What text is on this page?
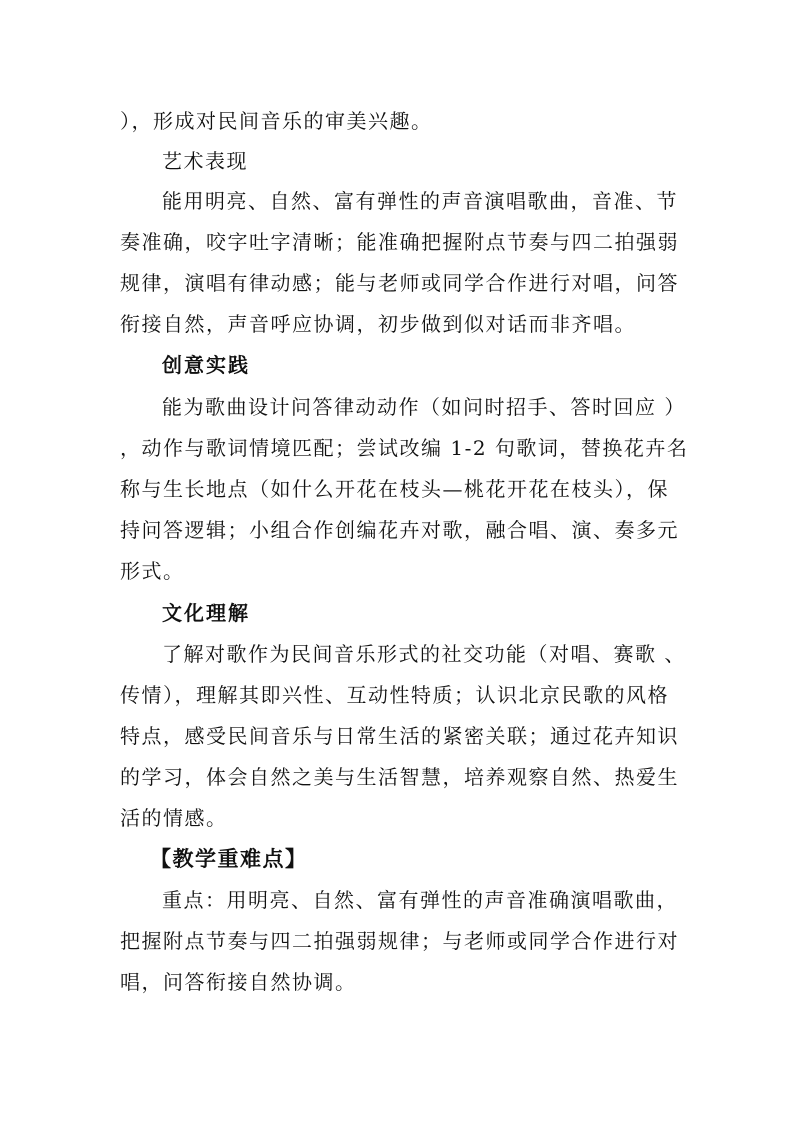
），形成对民间音乐的审美兴趣。
艺术表现
能用明亮、自然、富有弹性的声音演唱歌曲，音准、节
奏准确，咬字吐字清晰；能准确把握附点节奏与四二拍强弱
规律，演唱有律动感；能与老师或同学合作进行对唱，问答
衔接自然，声音呼应协调，初步做到似对话而非齐唱。
创意实践
能为歌曲设计问答律动动作（如问时招手、答时回应 ）
，动作与歌词情境匹配；尝试改编 1-2 句歌词，替换花卉名
称与生长地点（如什么开花在枝头—桃花开花在枝头），保
持问答逻辑；小组合作创编花卉对歌，融合唱、演、奏多元
形式。
文化理解
了解对歌作为民间音乐形式的社交功能（对唱、赛歌 、
传情），理解其即兴性、互动性特质；认识北京民歌的风格
特点，感受民间音乐与日常生活的紧密关联；通过花卉知识
的学习，体会自然之美与生活智慧，培养观察自然、热爱生
活的情感。
【教学重难点】
重点：用明亮、自然、富有弹性的声音准确演唱歌曲，
把握附点节奏与四二拍强弱规律；与老师或同学合作进行对
唱，问答衔接自然协调。
